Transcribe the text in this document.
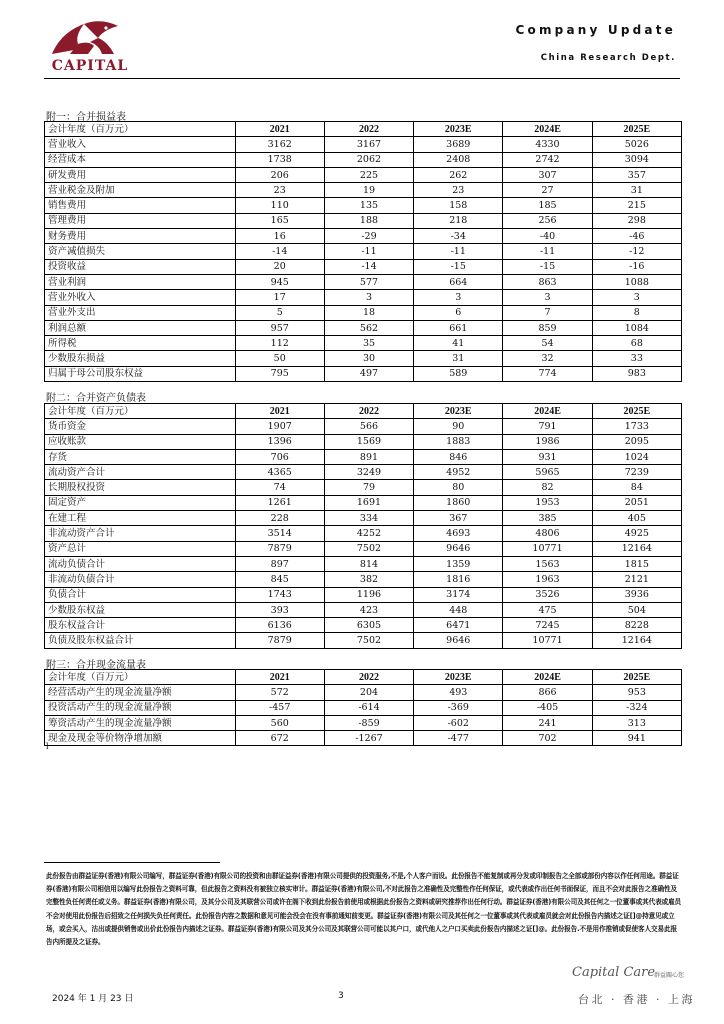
CAPITAL
Company Update
China Research Dept.
附一：合并损益表
会计年度（百万元）	2021	2022	2023E	2024E	2025E
营业收入	3162	3167	3689	4330	5026
经营成本	1738	2062	2408	2742	3094
研发费用	206	225	262	307	357
营业税金及附加	23	19	23	27	31
销售费用	110	135	158	185	215
管理费用	165	188	218	256	298
财务费用	16	-29	-34	-40	-46
资产减值损失	-14	-11	-11	-11	-12
投资收益	20	-14	-15	-15	-16
营业利润	945	577	664	863	1088
营业外收入	17	3	3	3	3
营业外支出	5	18	6	7	8
利润总额	957	562	661	859	1084
所得税	112	35	41	54	68
少数股东损益	50	30	31	32	33
归属于母公司股东权益	795	497	589	774	983
附二：合并资产负债表
会计年度（百万元）	2021	2022	2023E	2024E	2025E
货币资金	1907	566	90	791	1733
应收账款	1396	1569	1883	1986	2095
存货	706	891	846	931	1024
流动资产合计	4365	3249	4952	5965	7239
长期股权投资	74	79	80	82	84
固定资产	1261	1691	1860	1953	2051
在建工程	228	334	367	385	405
非流动资产合计	3514	4252	4693	4806	4925
资产总计	7879	7502	9646	10771	12164
流动负债合计	897	814	1359	1563	1815
非流动负债合计	845	382	1816	1963	2121
负债合计	1743	1196	3174	3526	3936
少数股东权益	393	423	448	475	504
股东权益合计	6136	6305	6471	7245	8228
负债及股东权益合计	7879	7502	9646	10771	12164
附三：合并现金流量表
会计年度（百万元）	2021	2022	2023E	2024E	2025E
经营活动产生的现金流量净额	572	204	493	866	953
投资活动产生的现金流量净额	-457	-614	-369	-405	-324
筹资活动产生的现金流量净额	560	-859	-602	241	313
现金及现金等价物净增加额	672	-1267	-477	702	941
l
此份报告由群益证券(香港)有限公司编写，群益证券(香港)有限公司的投资和由群证益券(香港)有限公司提供的投资服务,不是,个人客户而设。此份报告不能复制或再分发或印制报告之全部或部份内容以作任何用途。群益证券(香港)有限公司相信用以编写此份报告之资料可靠，但此报告之资料没有被独立核实审计。群益证券(香港)有限公司,不对此报告之准确性及完整性作任何保证，或代表或作出任何书面保证，而且不会对此报告之准确性及完整性负任何责任或义务。群益证券(香港)有限公司，及其分公司及其联营公司或许在阁下收到此份报告前使用或根据此份报告之资料或研究推荐作出任何行动。群益证券(香港)有限公司及其任何之一位董事或其代表或雇员不会对使用此份报告后招致之任何损失负任何责任。此份报告内容之数据和意见可能会没会在没有事前通知前变更。群益证券(香港)有限公司及其任何之一位董事或其代表或雇员就会对此份报告内描述之证[]@持意见或立场，或会买入，沽出或提供销售或出价此份报告内描述之证券。群益证券(香港)有限公司及其分公司及其联营公司可能以其户口，或代他人之户口买卖此份报告内描述之证[]@。此份报告.不是用作推销或促使客人交易此报告内所提及之证券。
2024 年 1 月 23 日	3
Capital Care
群益關心您
台北 · 香港 · 上海
